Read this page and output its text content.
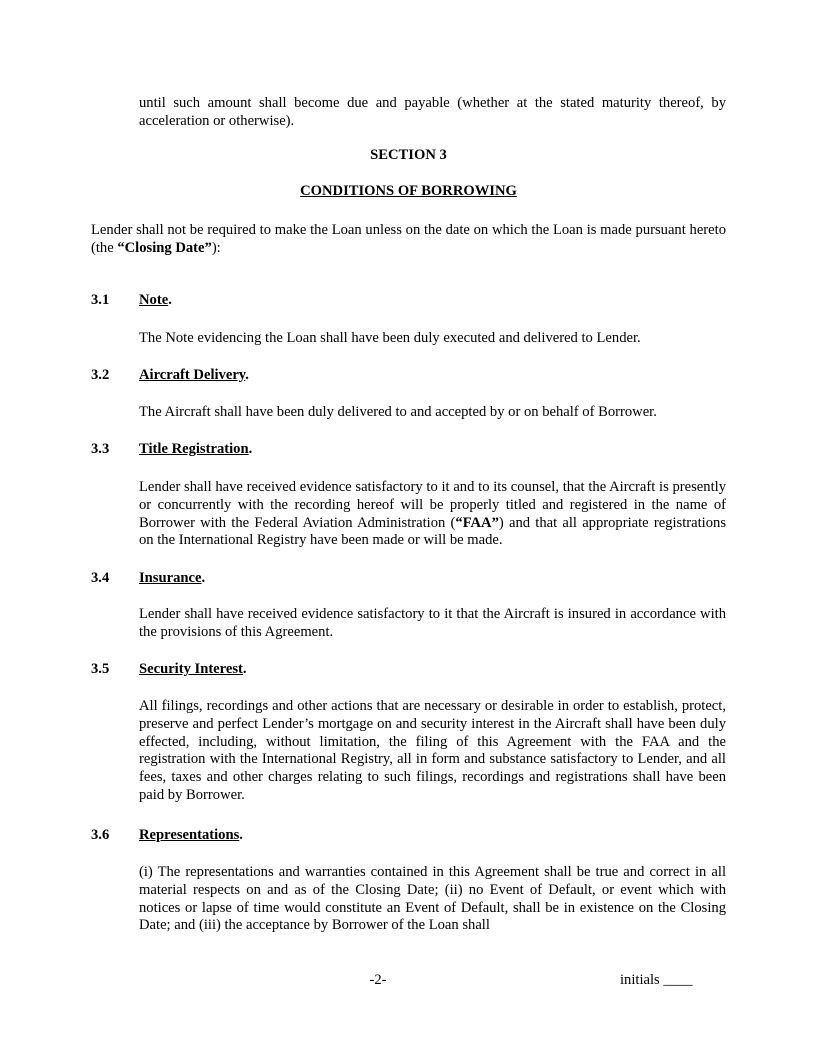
until such amount shall become due and payable (whether at the stated maturity thereof, by acceleration or otherwise).
SECTION 3
CONDITIONS OF BORROWING
Lender shall not be required to make the Loan unless on the date on which the Loan is made pursuant hereto (the “Closing Date”):
3.1 Note.
The Note evidencing the Loan shall have been duly executed and delivered to Lender.
3.2 Aircraft Delivery.
The Aircraft shall have been duly delivered to and accepted by or on behalf of Borrower.
3.3 Title Registration.
Lender shall have received evidence satisfactory to it and to its counsel, that the Aircraft is presently or concurrently with the recording hereof will be properly titled and registered in the name of Borrower with the Federal Aviation Administration (“FAA”) and that all appropriate registrations on the International Registry have been made or will be made.
3.4 Insurance.
Lender shall have received evidence satisfactory to it that the Aircraft is insured in accordance with the provisions of this Agreement.
3.5 Security Interest.
All filings, recordings and other actions that are necessary or desirable in order to establish, protect, preserve and perfect Lender’s mortgage on and security interest in the Aircraft shall have been duly effected, including, without limitation, the filing of this Agreement with the FAA and the registration with the International Registry, all in form and substance satisfactory to Lender, and all fees, taxes and other charges relating to such filings, recordings and registrations shall have been paid by Borrower.
3.6 Representations.
(i) The representations and warranties contained in this Agreement shall be true and correct in all material respects on and as of the Closing Date; (ii) no Event of Default, or event which with notices or lapse of time would constitute an Event of Default, shall be in existence on the Closing Date; and (iii) the acceptance by Borrower of the Loan shall
-2-	initials ____
